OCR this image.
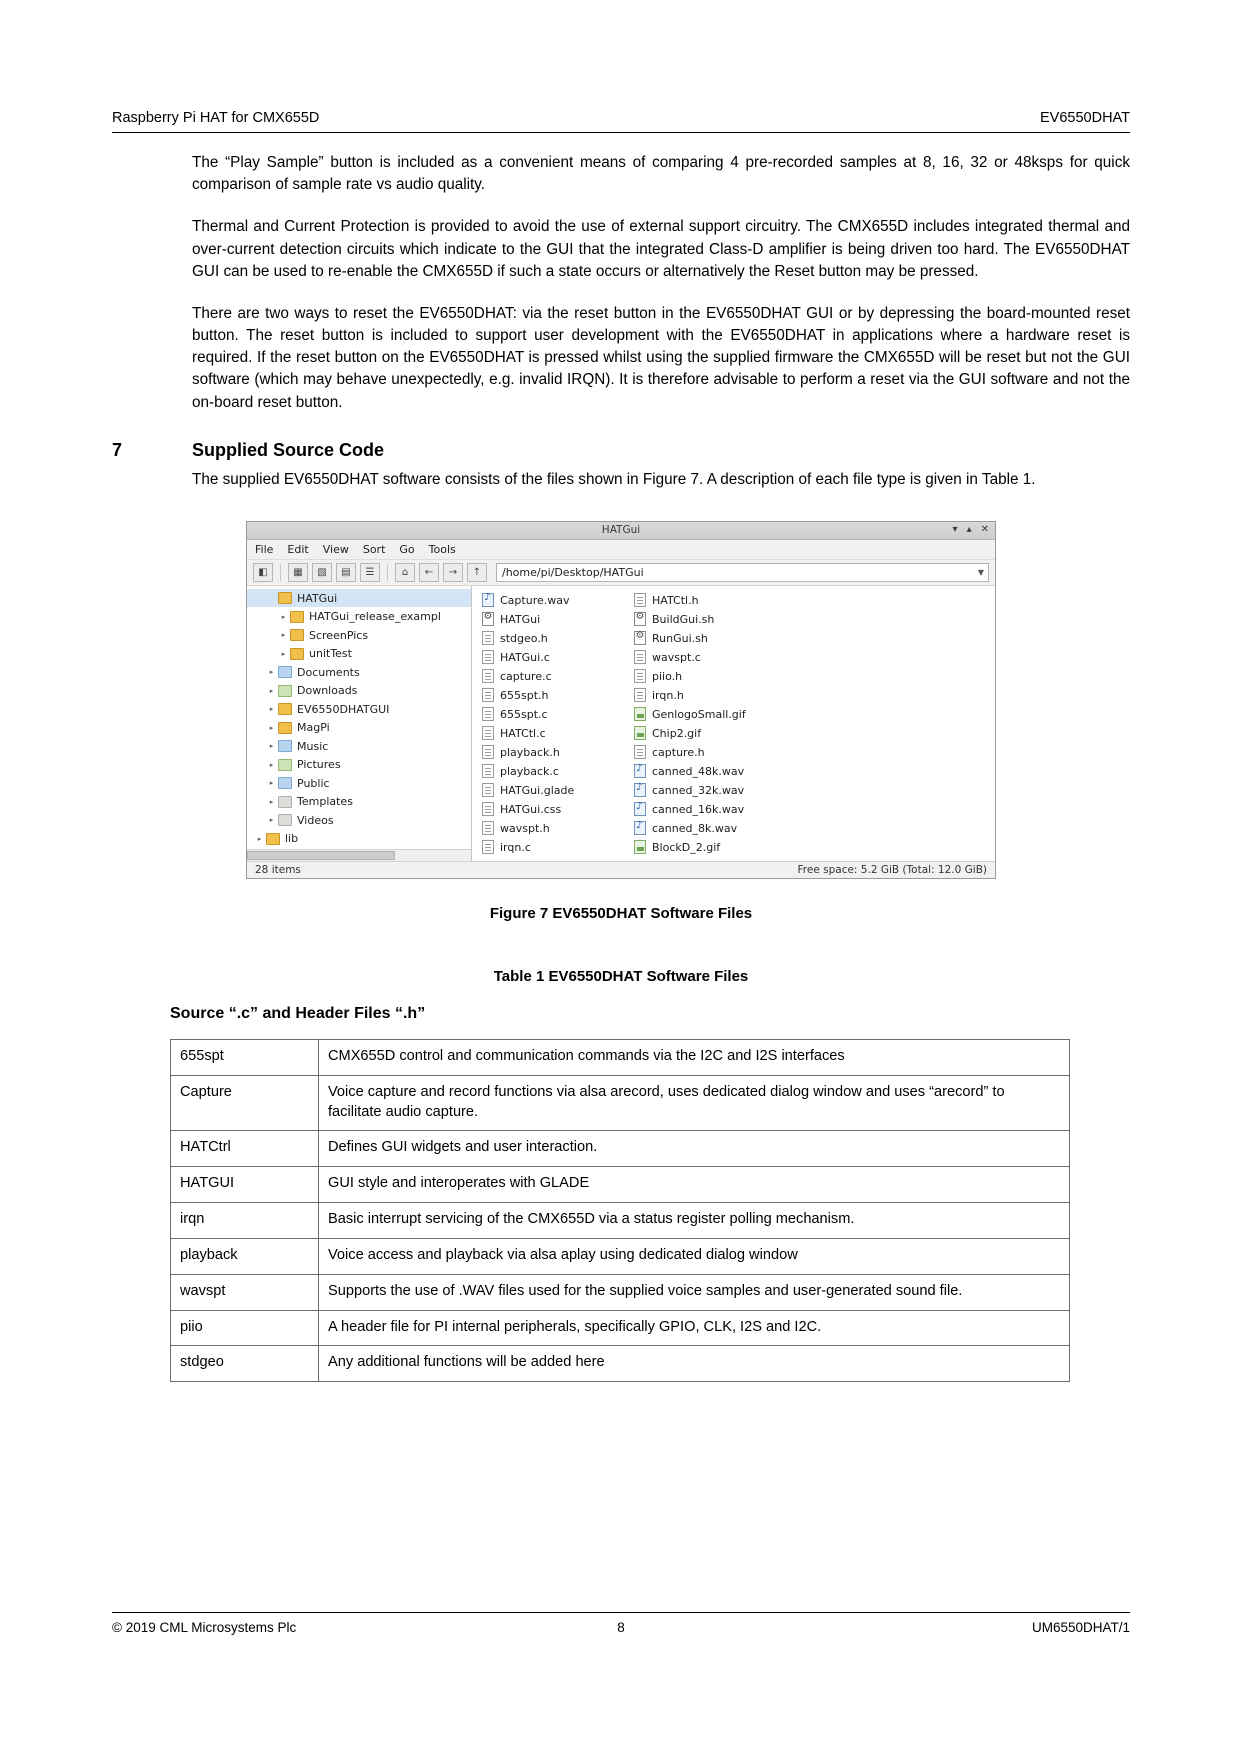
Raspberry Pi HAT for CMX655D	EV6550DHAT

The “Play Sample” button is included as a convenient means of comparing 4 pre-recorded samples at 8, 16, 32 or 48ksps for quick comparison of sample rate vs audio quality.

Thermal and Current Protection is provided to avoid the use of external support circuitry. The CMX655D includes integrated thermal and over-current detection circuits which indicate to the GUI that the integrated Class-D amplifier is being driven too hard. The EV6550DHAT GUI can be used to re-enable the CMX655D if such a state occurs or alternatively the Reset button may be pressed.

There are two ways to reset the EV6550DHAT: via the reset button in the EV6550DHAT GUI or by depressing the board-mounted reset button. The reset button is included to support user development with the EV6550DHAT in applications where a hardware reset is required. If the reset button on the EV6550DHAT is pressed whilst using the supplied firmware the CMX655D will be reset but not the GUI software (which may behave unexpectedly, e.g. invalid IRQN). It is therefore advisable to perform a reset via the GUI software and not the on-board reset button.

7	Supplied Source Code

The supplied EV6550DHAT software consists of the files shown in Figure 7. A description of each file type is given in Table 1.

HATGui	▾ ▴ ✕
File Edit View Sort Go Tools
◧	▦	▧	▤	☰	⌂	←	→	↑	/home/pi/Desktop/HATGui	▼
HATGui
▸	HATGui_release_exampl
▸	ScreenPics
▸	unitTest
▸	Documents
▸	Downloads
▸	EV6550DHATGUI
▸	MagPi
▸	Music
▸	Pictures
▸	Public
▸	Templates
▸	Videos
▸	lib
♪
Capture.wav
⚙
HATGui
stdgeo.h
HATGui.c
capture.c
655spt.h
655spt.c
HATCtl.c
playback.h
playback.c
HATGui.glade
HATGui.css
wavspt.h
irqn.c
HATCtl.h
⚙
BuildGui.sh
⚙
RunGui.sh
wavspt.c
piio.h
irqn.h
GenlogoSmall.gif
Chip2.gif
capture.h
♪
canned_48k.wav
♪
canned_32k.wav
♪
canned_16k.wav
♪
canned_8k.wav
BlockD_2.gif
28 items	Free space: 5.2 GiB (Total: 12.0 GiB)
Figure 7 EV6550DHAT Software Files
Table 1 EV6550DHAT Software Files
Source “.c” and Header Files “.h”
655spt	CMX655D control and communication commands via the I2C and I2S interfaces
Capture	Voice capture and record functions via alsa arecord, uses dedicated dialog window and uses “arecord” to facilitate audio capture.
HATCtrl	Defines GUI widgets and user interaction.
HATGUI	GUI style and interoperates with GLADE
irqn	Basic interrupt servicing of the CMX655D via a status register polling mechanism.
playback	Voice access and playback via alsa aplay using dedicated dialog window
wavspt	Supports the use of .WAV files used for the supplied voice samples and user-generated sound file.
piio	A header file for PI internal peripherals, specifically GPIO, CLK, I2S and I2C.
stdgeo	Any additional functions will be added here
© 2019 CML Microsystems Plc	8	UM6550DHAT/1
